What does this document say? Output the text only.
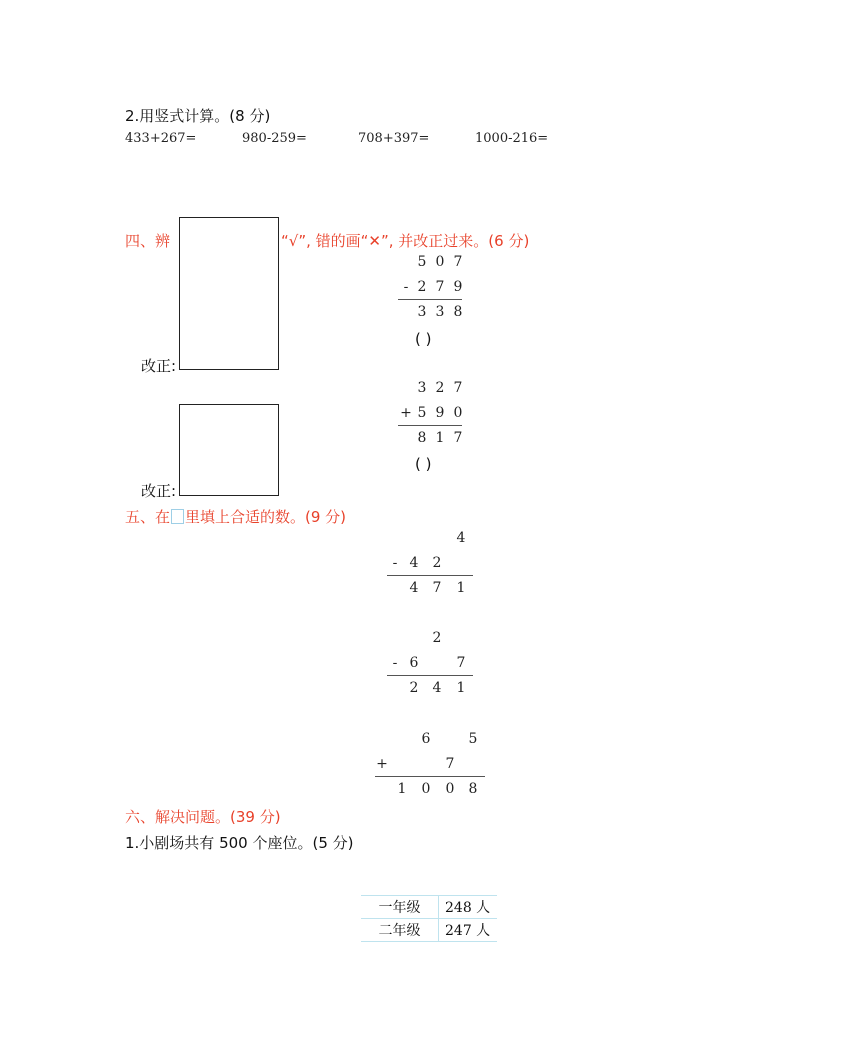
2.用竖式计算。(8 分)
433+267=	980-259=	708+397=	1000-216=
四、辨	“√”, 错的画“✕”, 并改正过来。(6 分)
5 0 7
- 2 7 9
3 3 8
( )
改正:
3 2 7
+ 5 9 0
8 1 7
( )
改正:
五、在 里填上合适的数。(9 分)
4
- 4 2
4 7 1
2
- 6	7
2 4 1
6	5
+	7
1 0 0 8
六、解决问题。(39 分)
1.小剧场共有 500 个座位。(5 分)
一年级	248 人
二年级	247 人
